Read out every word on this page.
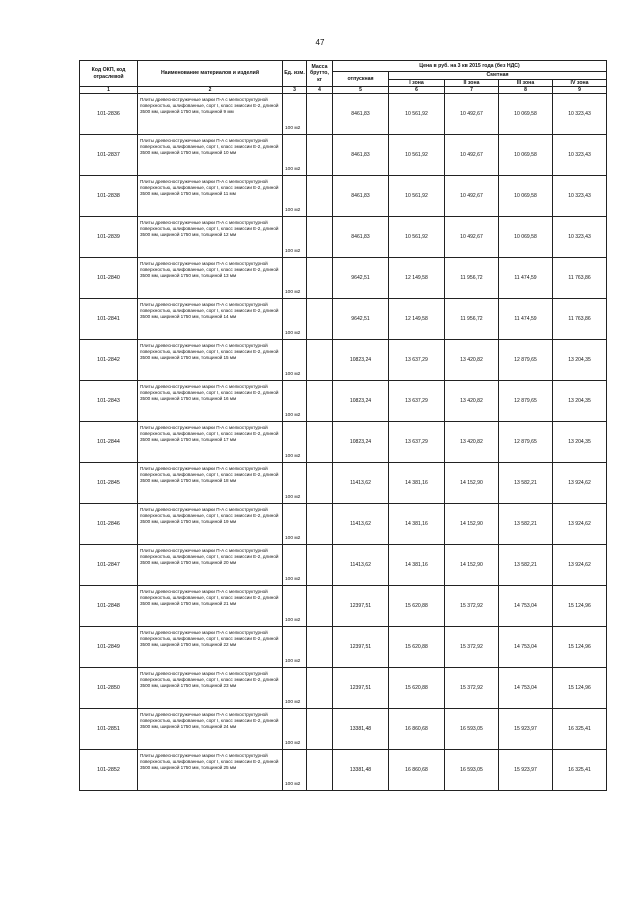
47
Код ОКП, код отраслевой	Наименование материалов и изделий	Ед. изм.	Масса брутто, кг	Цена в руб. на 3 кв 2015 года (без НДС)				
				отпускная	Сметная			
					I зона	II зона	III зона	IV зона
1	2	3	4	5	6	7	8	9
101-2836	Плиты древесностружечные марки П-А с мелкоструктурной поверхностью, шлифованные, сорт I, класс эмиссии Е-2, длиной 3500 мм, шириной 1750 мм, толщиной 9 мм	100 м2		8461,83	10 561,92	10 492,67	10 069,58	10 323,43
101-2837	Плиты древесностружечные марки П-А с мелкоструктурной поверхностью, шлифованные, сорт I, класс эмиссии Е-2, длиной 3500 мм, шириной 1750 мм, толщиной 10 мм	100 м2		8461,83	10 561,92	10 492,67	10 069,58	10 323,43
101-2838	Плиты древесностружечные марки П-А с мелкоструктурной поверхностью, шлифованные, сорт I, класс эмиссии Е-2, длиной 3500 мм, шириной 1750 мм, толщиной 11 мм	100 м2		8461,83	10 561,92	10 492,67	10 069,58	10 323,43
101-2839	Плиты древесностружечные марки П-А с мелкоструктурной поверхностью, шлифованные, сорт I, класс эмиссии Е-2, длиной 3500 мм, шириной 1750 мм, толщиной 12 мм	100 м2		8461,83	10 561,92	10 492,67	10 069,58	10 323,43
101-2840	Плиты древесностружечные марки П-А с мелкоструктурной поверхностью, шлифованные, сорт I, класс эмиссии Е-2, длиной 3500 мм, шириной 1750 мм, толщиной 13 мм	100 м2		9642,51	12 149,58	11 956,72	11 474,59	11 763,86
101-2841	Плиты древесностружечные марки П-А с мелкоструктурной поверхностью, шлифованные, сорт I, класс эмиссии Е-2, длиной 3500 мм, шириной 1750 мм, толщиной 14 мм	100 м2		9642,51	12 149,58	11 956,72	11 474,59	11 763,86
101-2842	Плиты древесностружечные марки П-А с мелкоструктурной поверхностью, шлифованные, сорт I, класс эмиссии Е-2, длиной 3500 мм, шириной 1750 мм, толщиной 15 мм	100 м2		10823,24	13 637,29	13 420,82	12 879,65	13 204,35
101-2843	Плиты древесностружечные марки П-А с мелкоструктурной поверхностью, шлифованные, сорт I, класс эмиссии Е-2, длиной 3500 мм, шириной 1750 мм, толщиной 16 мм	100 м2		10823,24	13 637,29	13 420,82	12 879,65	13 204,35
101-2844	Плиты древесностружечные марки П-А с мелкоструктурной поверхностью, шлифованные, сорт I, класс эмиссии Е-2, длиной 3500 мм, шириной 1750 мм, толщиной 17 мм	100 м2		10823,24	13 637,29	13 420,82	12 879,65	13 204,35
101-2845	Плиты древесностружечные марки П-А с мелкоструктурной поверхностью, шлифованные, сорт I, класс эмиссии Е-2, длиной 3500 мм, шириной 1750 мм, толщиной 18 мм	100 м2		11413,62	14 381,16	14 152,90	13 582,21	13 924,62
101-2846	Плиты древесностружечные марки П-А с мелкоструктурной поверхностью, шлифованные, сорт I, класс эмиссии Е-2, длиной 3500 мм, шириной 1750 мм, толщиной 19 мм	100 м2		11413,62	14 381,16	14 152,90	13 582,21	13 924,62
101-2847	Плиты древесностружечные марки П-А с мелкоструктурной поверхностью, шлифованные, сорт I, класс эмиссии Е-2, длиной 3500 мм, шириной 1750 мм, толщиной 20 мм	100 м2		11413,62	14 381,16	14 152,90	13 582,21	13 924,62
101-2848	Плиты древесностружечные марки П-А с мелкоструктурной поверхностью, шлифованные, сорт I, класс эмиссии Е-2, длиной 3500 мм, шириной 1750 мм, толщиной 21 мм	100 м2		12397,51	15 620,88	15 372,92	14 753,04	15 124,96
101-2849	Плиты древесностружечные марки П-А с мелкоструктурной поверхностью, шлифованные, сорт I, класс эмиссии Е-2, длиной 3500 мм, шириной 1750 мм, толщиной 22 мм	100 м2		12397,51	15 620,88	15 372,92	14 753,04	15 124,96
101-2850	Плиты древесностружечные марки П-А с мелкоструктурной поверхностью, шлифованные, сорт I, класс эмиссии Е-2, длиной 3500 мм, шириной 1750 мм, толщиной 23 мм	100 м2		12397,51	15 620,88	15 372,92	14 753,04	15 124,96
101-2851	Плиты древесностружечные марки П-А с мелкоструктурной поверхностью, шлифованные, сорт I, класс эмиссии Е-2, длиной 3500 мм, шириной 1750 мм, толщиной 24 мм	100 м2		13381,48	16 860,68	16 593,05	15 923,97	16 325,41
101-2852	Плиты древесностружечные марки П-А с мелкоструктурной поверхностью, шлифованные, сорт I, класс эмиссии Е-2, длиной 3500 мм, шириной 1750 мм, толщиной 25 мм	100 м2		13381,48	16 860,68	16 593,05	15 923,97	16 325,41
